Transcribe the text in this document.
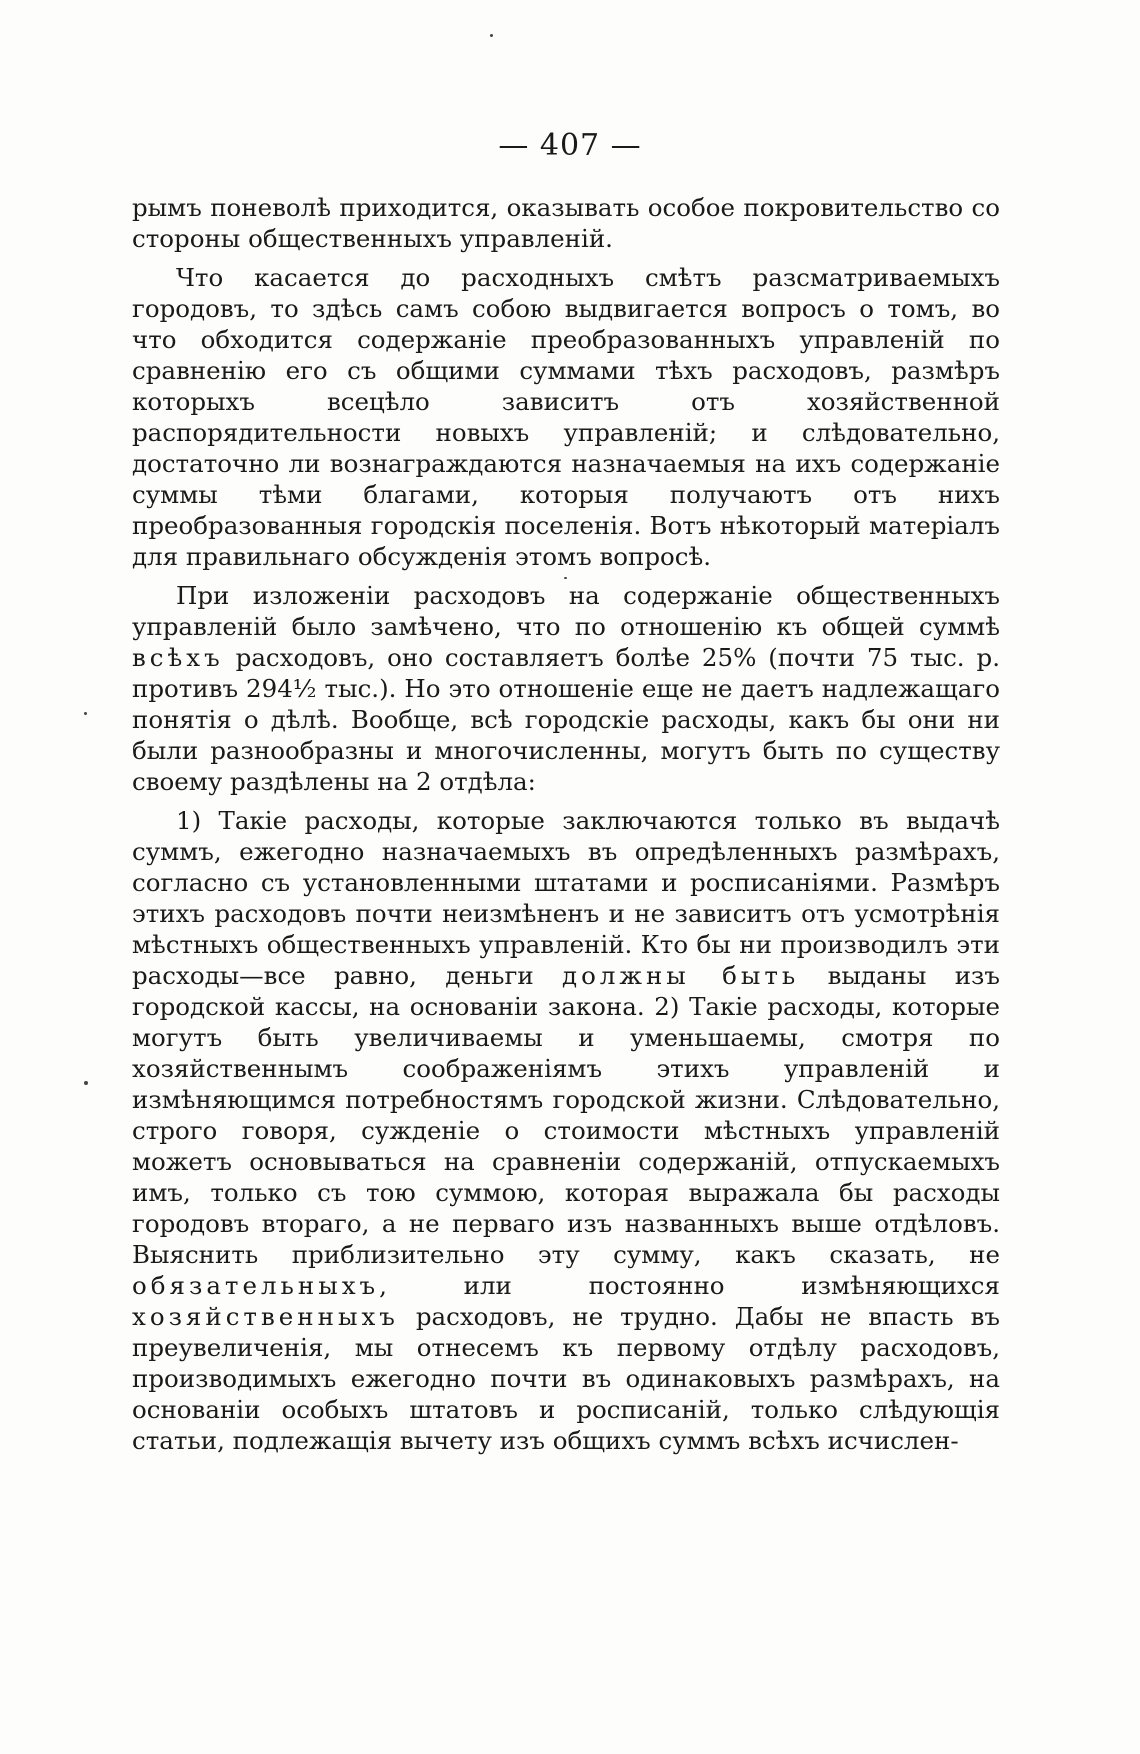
— 407 —

рымъ поневолѣ приходится, оказывать особое покровительство со стороны общественныхъ управленій.

Что касается до расходныхъ смѣтъ разсматриваемыхъ городовъ, то здѣсь самъ собою выдвигается вопросъ о томъ, во что обходится содержаніе преобразованныхъ управленій по сравненію его съ общими суммами тѣхъ расходовъ, размѣръ которыхъ всецѣло зависитъ отъ хозяйственной распорядительности новыхъ управленій; и слѣдовательно, достаточно ли вознаграждаются назначаемыя на ихъ содержаніе суммы тѣми благами, которыя получаютъ отъ нихъ преобразованныя городскія поселенія. Вотъ нѣкоторый матеріалъ для правильнаго обсужденія этомъ вопросѣ.

При изложеніи расходовъ на содержаніе общественныхъ управленій было замѣчено, что по отношенію къ общей суммѣ всѣхъ расходовъ, оно составляетъ болѣе 25% (почти 75 тыс. р. противъ 294½ тыс.). Но это отношеніе еще не даетъ надлежащаго понятія о дѣлѣ. Вообще, всѣ городскіе расходы, какъ бы они ни были разнообразны и многочисленны, могутъ быть по существу своему раздѣлены на 2 отдѣла:

1) Такіе расходы, которые заключаются только въ выдачѣ суммъ, ежегодно назначаемыхъ въ опредѣленныхъ размѣрахъ, согласно съ установленными штатами и росписаніями. Размѣръ этихъ расходовъ почти неизмѣненъ и не зависитъ отъ усмотрѣнія мѣстныхъ общественныхъ управленій. Кто бы ни производилъ эти расходы—все равно, деньги должны быть выданы изъ городской кассы, на основаніи закона. 2) Такіе расходы, которые могутъ быть увеличиваемы и уменьшаемы, смотря по хозяйственнымъ соображеніямъ этихъ управленій и измѣняющимся потребностямъ городской жизни. Слѣдовательно, строго говоря, сужденіе о стоимости мѣстныхъ управленій можетъ основываться на сравненіи содержаній, отпускаемыхъ имъ, только съ тою суммою, которая выражала бы расходы городовъ втораго, а не перваго изъ названныхъ выше отдѣловъ. Выяснить приблизительно эту сумму, какъ сказать, не обязательныхъ, или постоянно измѣняющихся хозяйственныхъ расходовъ, не трудно. Дабы не впасть въ преувеличенія, мы отнесемъ къ первому отдѣлу расходовъ, производимыхъ ежегодно почти въ одинаковыхъ размѣрахъ, на основаніи особыхъ штатовъ и росписаній, только слѣдующія статьи, подлежащія вычету изъ общихъ суммъ всѣхъ исчислен-
